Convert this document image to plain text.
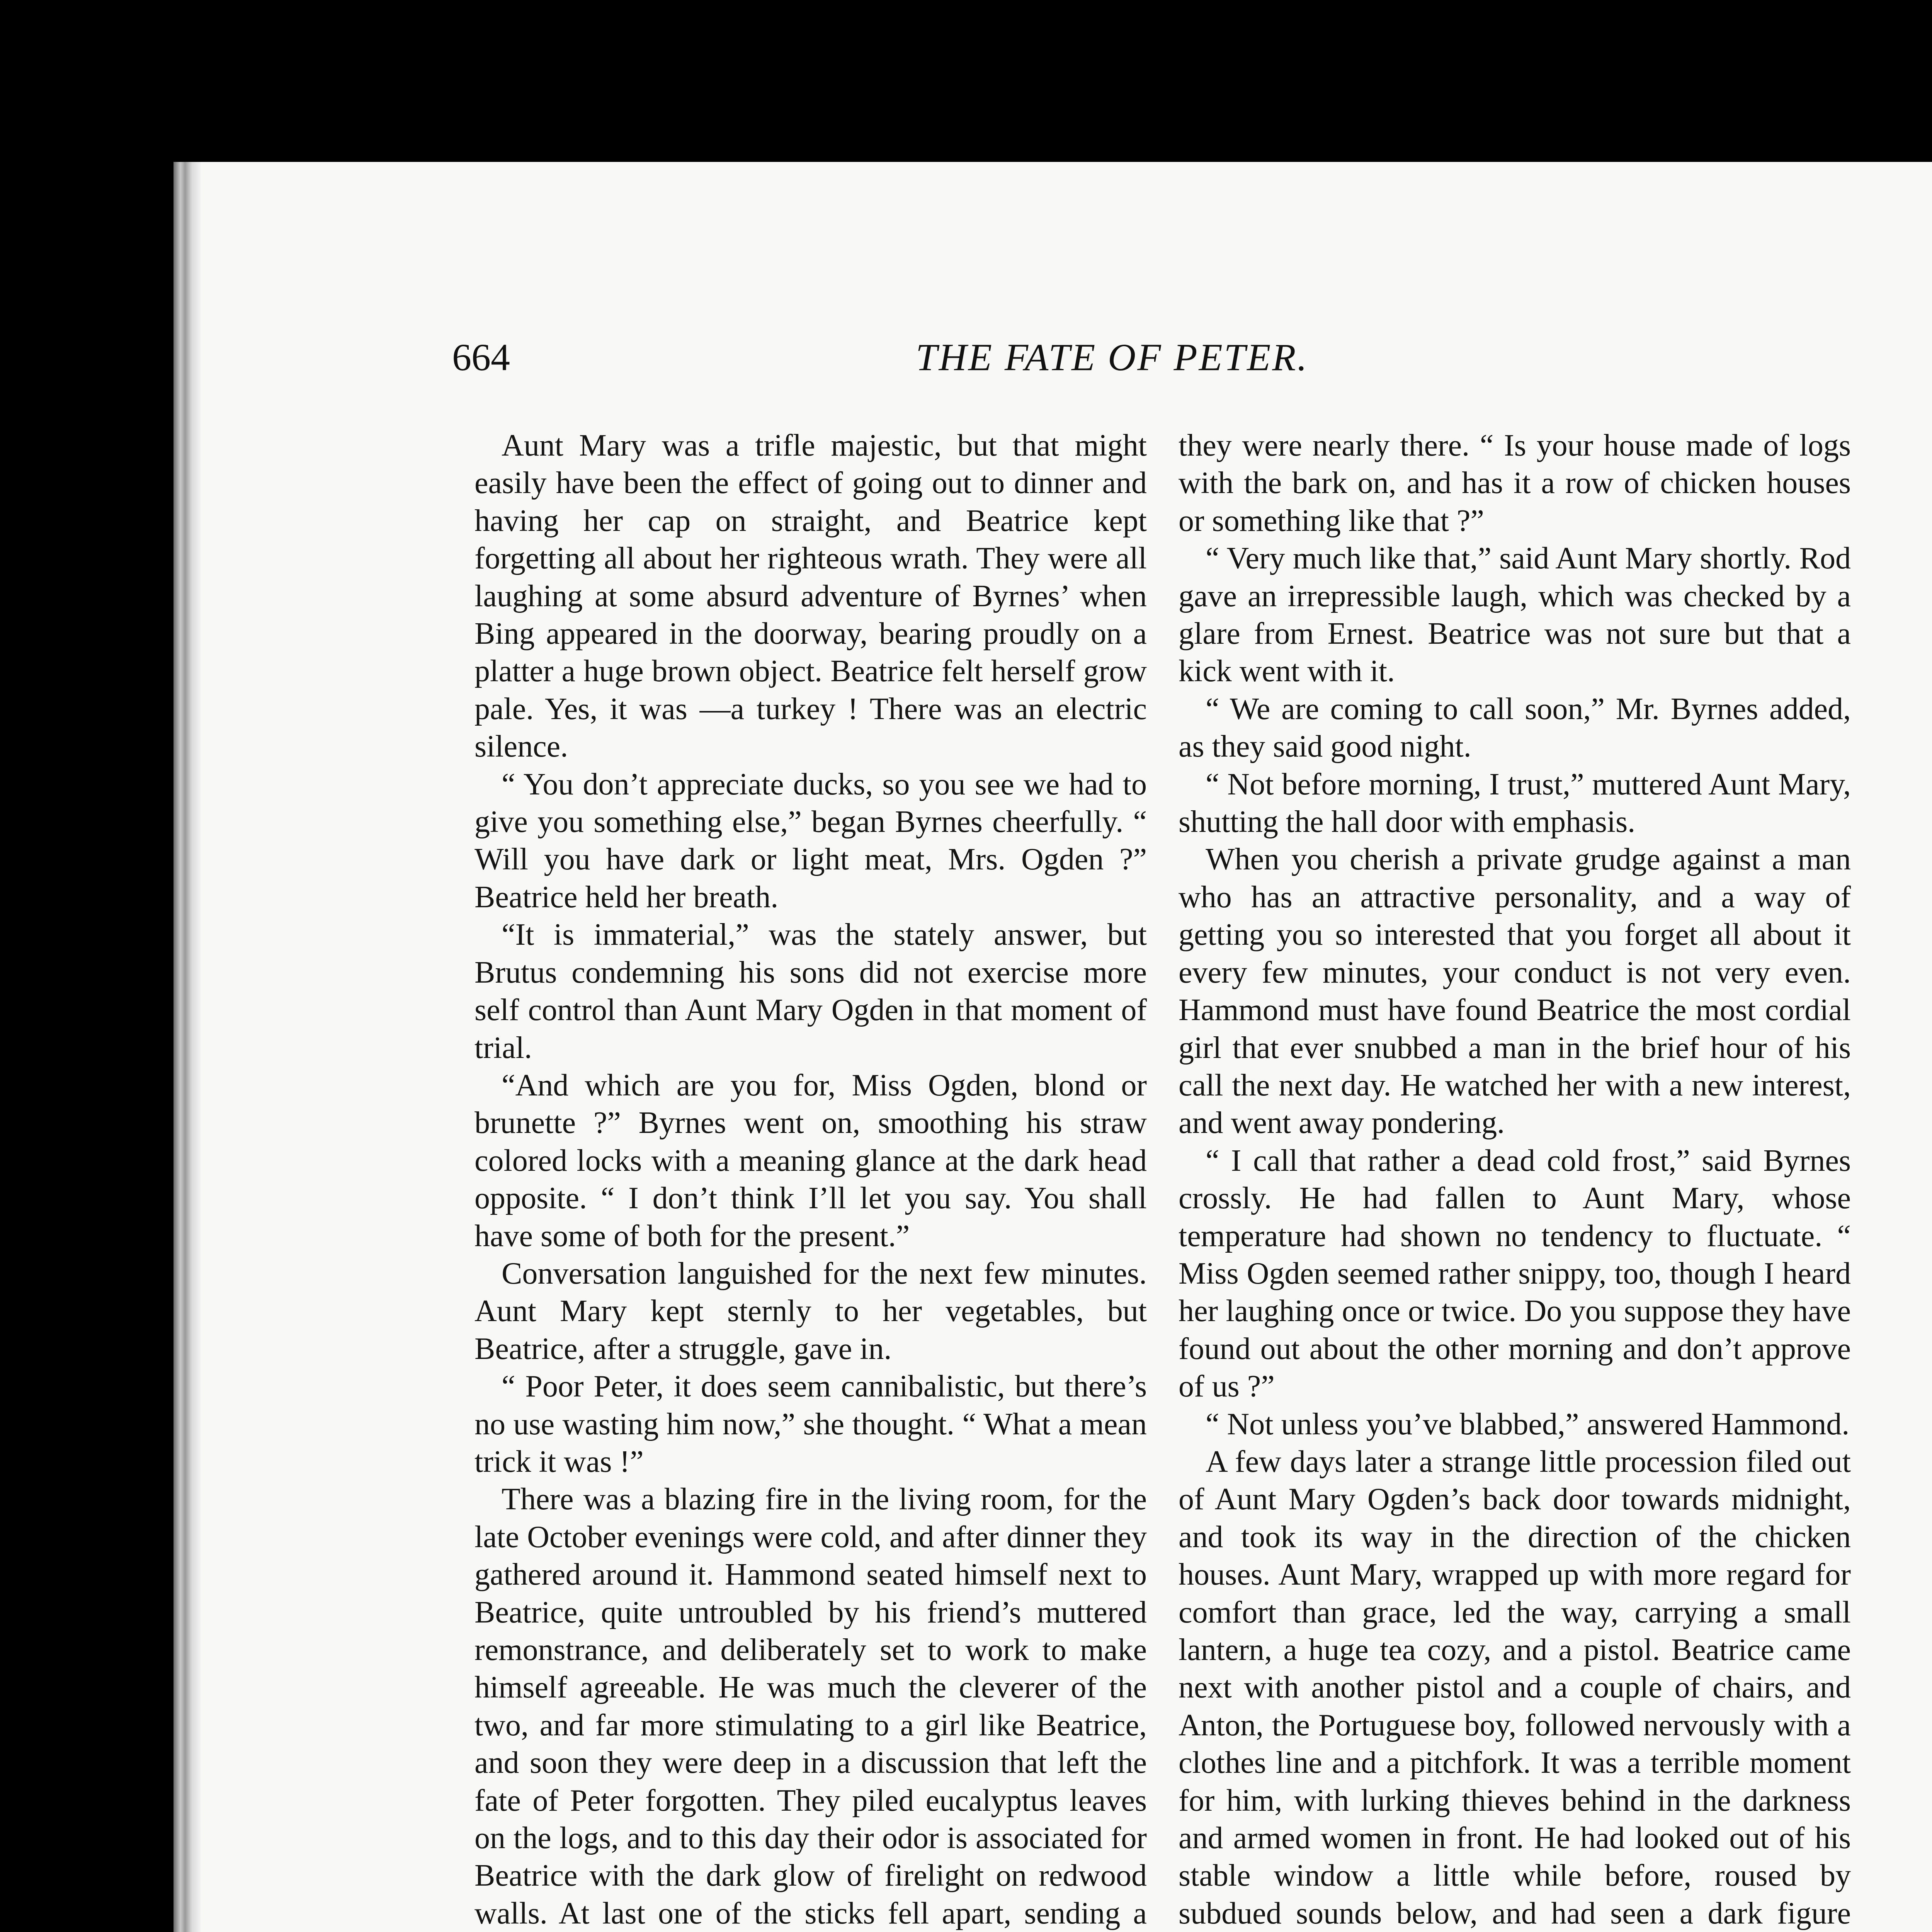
664	THE FATE OF PETER.

Aunt Mary was a trifle majestic, but that might easily have been the effect of going out to dinner and having her cap on straight, and Beatrice kept forgetting all about her righteous wrath. They were all laughing at some absurd adventure of Byrnes’ when Bing appeared in the doorway, bearing proudly on a platter a huge brown object. Beatrice felt herself grow pale. Yes, it was —a turkey ! There was an electric silence.

“ You don’t appreciate ducks, so you see we had to give you something else,” began Byrnes cheerfully. “ Will you have dark or light meat, Mrs. Ogden ?” Beatrice held her breath.

“It is immaterial,” was the stately answer, but Brutus condemning his sons did not exercise more self control than Aunt Mary Ogden in that moment of trial.

“And which are you for, Miss Ogden, blond or brunette ?” Byrnes went on, smoothing his straw colored locks with a meaning glance at the dark head opposite. “ I don’t think I’ll let you say. You shall have some of both for the present.”

Conversation languished for the next few minutes. Aunt Mary kept sternly to her vegetables, but Beatrice, after a struggle, gave in.

“ Poor Peter, it does seem cannibalistic, but there’s no use wasting him now,” she thought. “ What a mean trick it was !”

There was a blazing fire in the living room, for the late October evenings were cold, and after dinner they gathered around it. Hammond seated himself next to Beatrice, quite untroubled by his friend’s muttered remonstrance, and deliberately set to work to make himself agreeable. He was much the cleverer of the two, and far more stimulating to a girl like Beatrice, and soon they were deep in a discussion that left the fate of Peter forgotten. They piled eucalyptus leaves on the logs, and to this day their odor is associated for Beatrice with the dark glow of firelight on redwood walls. At last one of the sticks fell apart, sending a

they were nearly there. “ Is your house made of logs with the bark on, and has it a row of chicken houses or something like that ?”

“ Very much like that,” said Aunt Mary shortly. Rod gave an irrepressible laugh, which was checked by a glare from Ernest. Beatrice was not sure but that a kick went with it.

“ We are coming to call soon,” Mr. Byrnes added, as they said good night.

“ Not before morning, I trust,” muttered Aunt Mary, shutting the hall door with emphasis.

When you cherish a private grudge against a man who has an attractive personality, and a way of getting you so interested that you forget all about it every few minutes, your conduct is not very even. Hammond must have found Beatrice the most cordial girl that ever snubbed a man in the brief hour of his call the next day. He watched her with a new interest, and went away pondering.

“ I call that rather a dead cold frost,” said Byrnes crossly. He had fallen to Aunt Mary, whose temperature had shown no tendency to fluctuate. “ Miss Ogden seemed rather snippy, too, though I heard her laughing once or twice. Do you suppose they have found out about the other morning and don’t approve of us ?”

“ Not unless you’ve blabbed,” answered Hammond.

A few days later a strange little procession filed out of Aunt Mary Ogden’s back door towards midnight, and took its way in the direction of the chicken houses. Aunt Mary, wrapped up with more regard for comfort than grace, led the way, carrying a small lantern, a huge tea cozy, and a pistol. Beatrice came next with another pistol and a couple of chairs, and Anton, the Portuguese boy, followed nervously with a clothes line and a pitchfork. It was a terrible moment for him, with lurking thieves behind in the darkness and armed women in front. He had looked out of his stable window a little while before, roused by subdued sounds below, and had seen a dark figure
